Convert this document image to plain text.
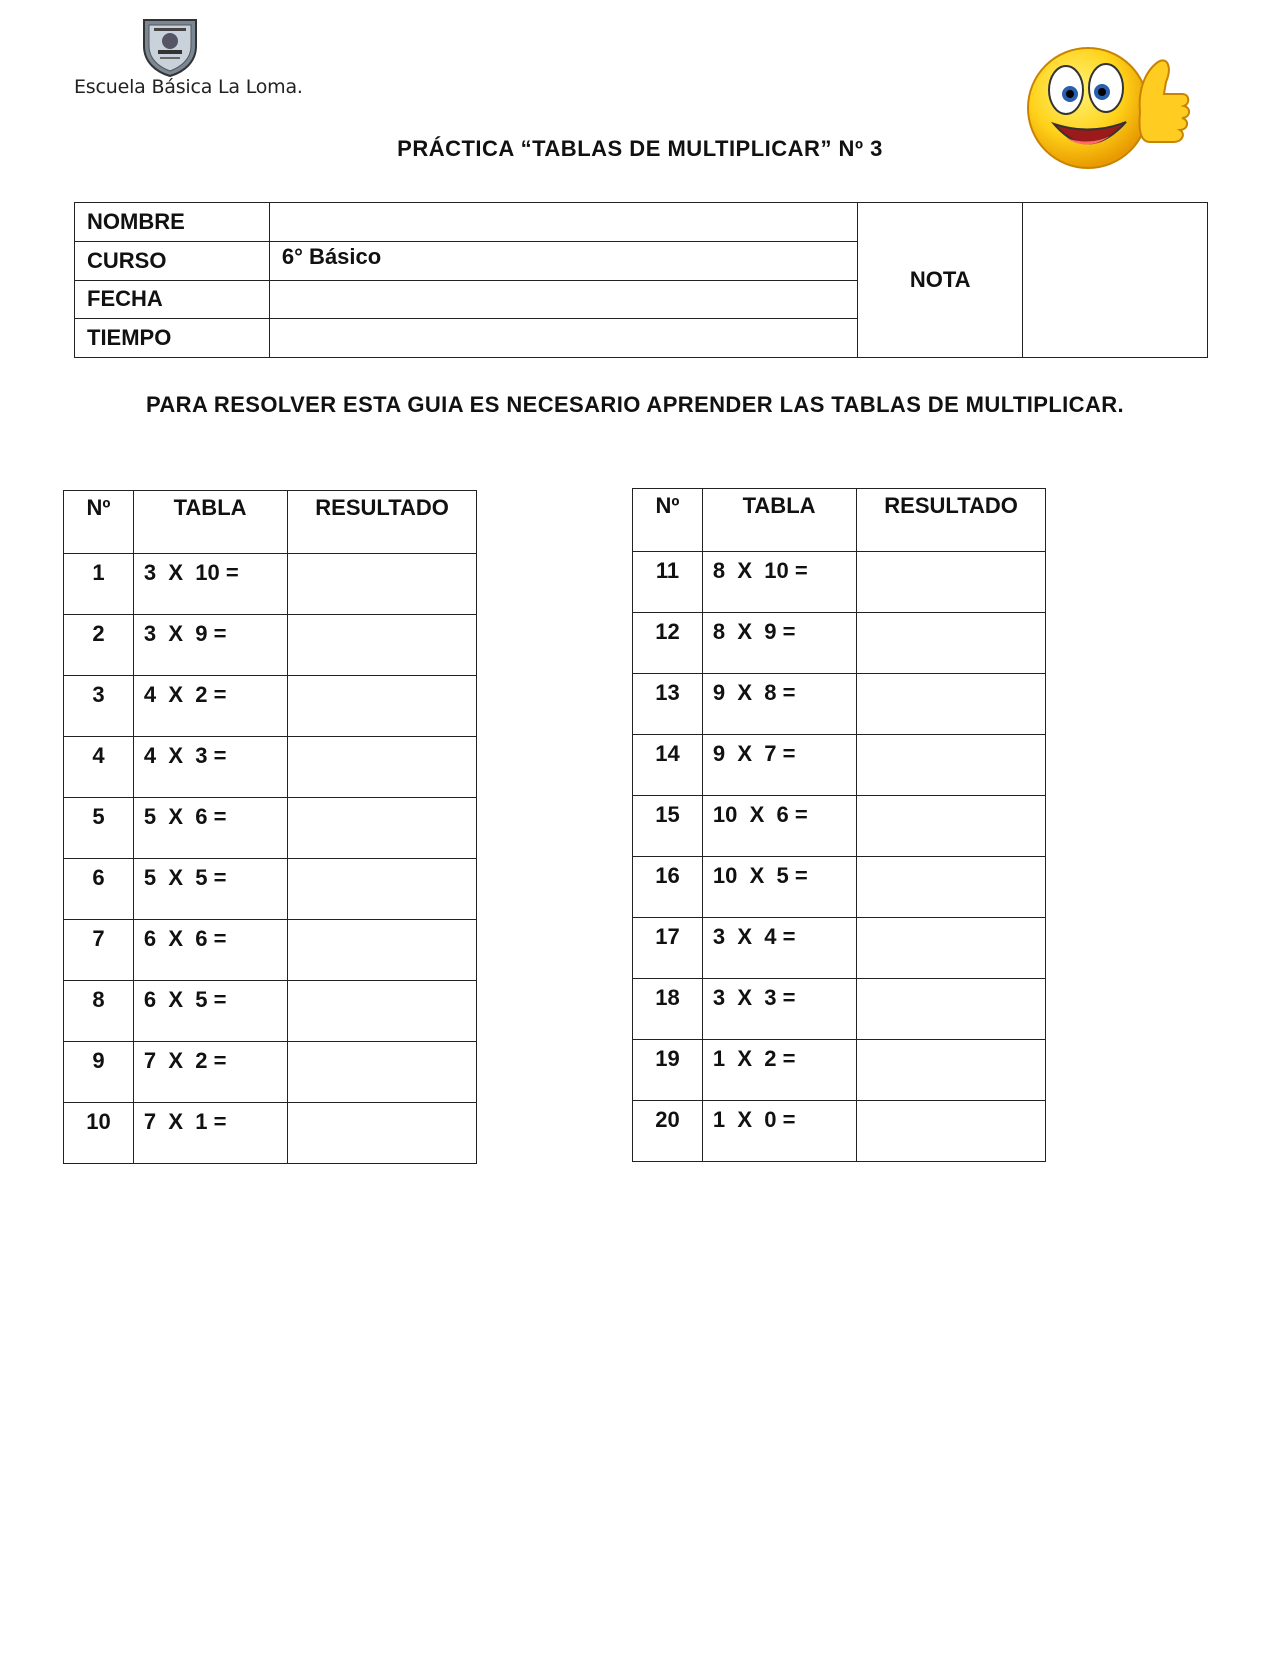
Escuela Básica La Loma.
PRÁCTICA “TABLAS DE MULTIPLICAR” Nº 3
NOMBRE		NOTA	
CURSO	6° Básico		
FECHA			
TIEMPO			
PARA RESOLVER ESTA GUIA ES NECESARIO APRENDER LAS TABLAS DE MULTIPLICAR.
Nº	TABLA	RESULTADO
1	3  X  10 =	
2	3  X  9 =	
3	4  X  2 =	
4	4  X  3 =	
5	5  X  6 =	
6	5  X  5 =	
7	6  X  6 =	
8	6  X  5 =	
9	7  X  2 =	
10	7  X  1 =	
Nº	TABLA	RESULTADO
11	8  X  10 =	
12	8  X  9 =	
13	9  X  8 =	
14	9  X  7 =	
15	10  X  6 =	
16	10  X  5 =	
17	3  X  4 =	
18	3  X  3 =	
19	1  X  2 =	
20	1  X  0 =	
